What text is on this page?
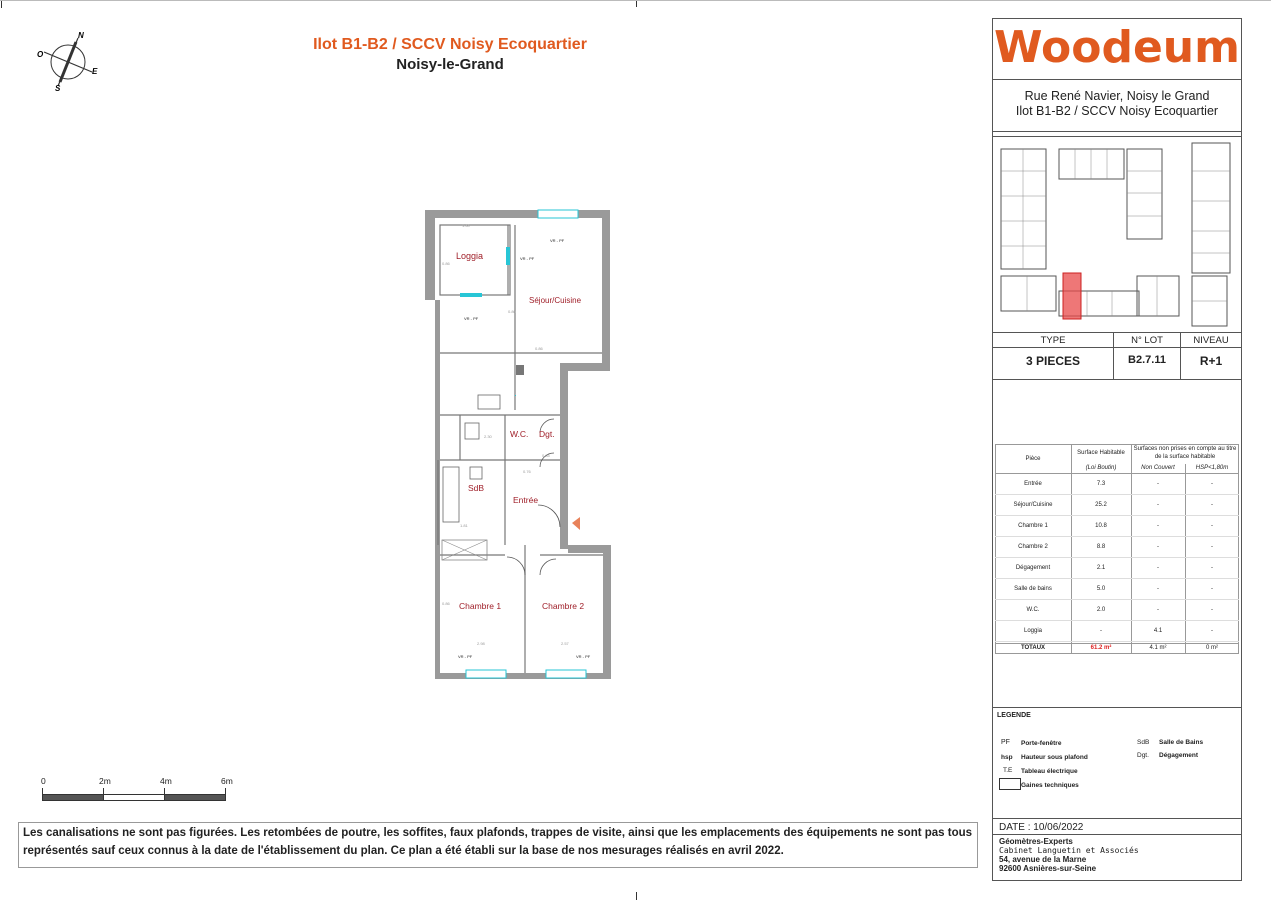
N
O
S
E
Ilot B1-B2 / SCCV Noisy Ecoquartier
Noisy-le-Grand
Loggia
Séjour/Cuisine
W.C. Dgt.
SdB
Entrée
Chambre 1	Chambre 2
VR - PF
VR - PF
VR - PF
VR - PF	VR - PF
1.60
0.86
0.86
0.86
2.30
0.85
1.81
0.76
0.86
2.98	2.57
0	2m	4m	6m
Les canalisations ne sont pas figurées. Les retombées de poutre, les soffites, faux plafonds, trappes de visite, ainsi que les emplacements des équipements ne sont pas tous représentés sauf ceux connus à la date de l'établissement du plan. Ce plan a été établi sur la base de nos mesurages réalisés en avril 2022.
Woodeum
Rue René Navier, Noisy le Grand
Ilot B1-B2 / SCCV Noisy Ecoquartier
TYPE	N° LOT	NIVEAU
3 PIECES	B2.7.11	R+1
Pièce
Surface Habitable
Surfaces non prises en compte au titre de la surface habitable
(Loi Boutin)	Non Couvert	HSP<1,80m
Entrée	7.3	-	-
Séjour/Cuisine	25.2	-	-
Chambre 1	10.8	-	-
Chambre 2	8.8	-	-
Dégagement	2.1	-	-
Salle de bains	5.0	-	-
W.C.	2.0	-	-
Loggia	-	4.1	-
TOTAUX	61.2 m²	4.1 m²	0 m²
LEGENDE
PF Porte-fenêtre
hsp Hauteur sous plafond
T.E Tableau électrique
Gaines techniques
SdB Salle de Bains
Dgt. Dégagement
DATE : 10/06/2022
Géomètres-Experts
Cabinet Languetin et Associés
54, avenue de la Marne
92600 Asnières-sur-Seine
